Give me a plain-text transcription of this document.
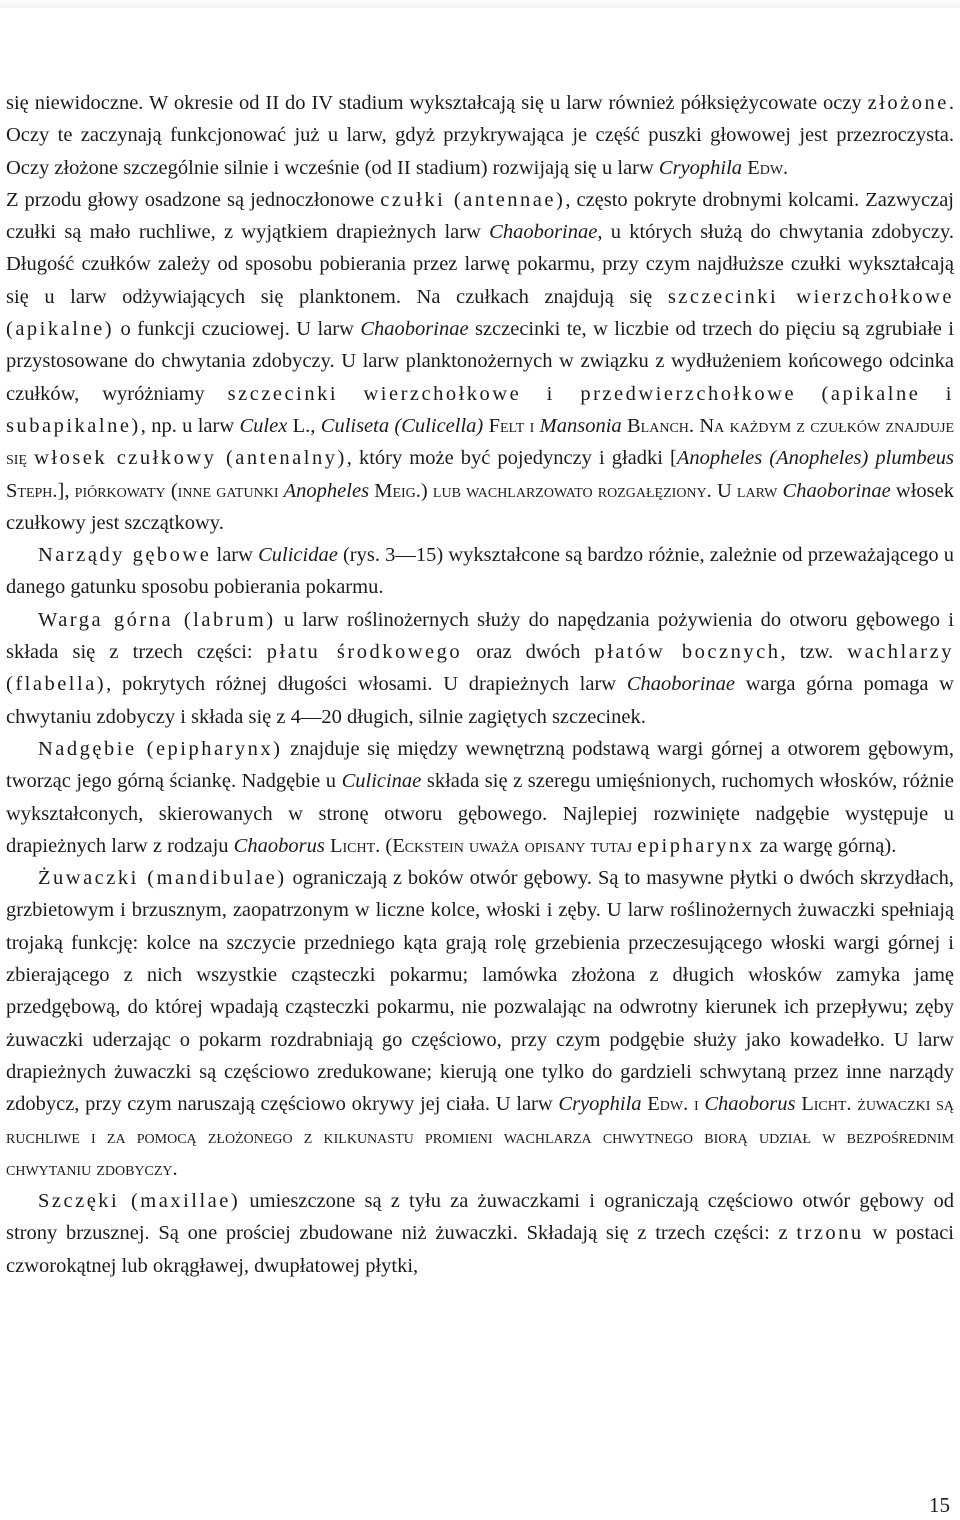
się niewidoczne. W okresie od II do IV stadium wykształcają się u larw również półksiężycowate oczy złożone. Oczy te zaczynają funkcjonować już u larw, gdyż przykrywająca je część puszki głowowej jest przezroczysta. Oczy złożone szczególnie silnie i wcześnie (od II stadium) rozwijają się u larw Cryophila Edw.
Z przodu głowy osadzone są jednoczłonowe czułki (antennae), często pokryte drobnymi kolcami. Zazwyczaj czułki są mało ruchliwe, z wyjątkiem drapieżnych larw Chaoborinae, u których służą do chwytania zdobyczy. Długość czułków zależy od sposobu pobierania przez larwę pokarmu, przy czym najdłuższe czułki wykształcają się u larw odżywiających się planktonem. Na czułkach znajdują się szczecinki wierzchołkowe (apikalne) o funkcji czuciowej. U larw Chaoborinae szczecinki te, w liczbie od trzech do pięciu są zgrubiałe i przystosowane do chwytania zdobyczy. U larw planktonożernych w związku z wydłużeniem końcowego odcinka czułków, wyróżniamy szczecinki wierzchołkowe i przedwierzchołkowe (apikalne i subapikalne), np. u larw Culex L., Culiseta (Culicella) Felt i Mansonia Blanch. Na każdym z czułków znajduje się włosek czułkowy (antenalny), który może być pojedynczy i gładki [Anopheles (Anopheles) plumbeus Steph.], piórkowaty (inne gatunki Anopheles Meig.) lub wachlarzowato rozgałęziony. U larw Chaoborinae włosek czułkowy jest szczątkowy.

Narządy gębowe larw Culicidae (rys. 3—15) wykształcone są bardzo różnie, zależnie od przeważającego u danego gatunku sposobu pobierania pokarmu.

Warga górna (labrum) u larw roślinożernych służy do napędzania pożywienia do otworu gębowego i składa się z trzech części: płatu środkowego oraz dwóch płatów bocznych, tzw. wachlarzy (flabella), pokrytych różnej długości włosami. U drapieżnych larw Chaoborinae warga górna pomaga w chwytaniu zdobyczy i składa się z 4—20 długich, silnie zagiętych szczecinek.

Nadgębie (epipharynx) znajduje się między wewnętrzną podstawą wargi górnej a otworem gębowym, tworząc jego górną ściankę. Nadgębie u Culicinae składa się z szeregu umięśnionych, ruchomych włosków, różnie wykształconych, skierowanych w stronę otworu gębowego. Najlepiej rozwinięte nadgębie występuje u drapieżnych larw z rodzaju Chaoborus Licht. (Eckstein uważa opisany tutaj epipharynx za wargę górną).

Żuwaczki (mandibulae) ograniczają z boków otwór gębowy. Są to masywne płytki o dwóch skrzydłach, grzbietowym i brzusznym, zaopatrzonym w liczne kolce, włoski i zęby. U larw roślinożernych żuwaczki spełniają trojaką funkcję: kolce na szczycie przedniego kąta grają rolę grzebienia przeczesującego włoski wargi górnej i zbierającego z nich wszystkie cząsteczki pokarmu; lamówka złożona z długich włosków zamyka jamę przedgębową, do której wpadają cząsteczki pokarmu, nie pozwalając na odwrotny kierunek ich przepływu; zęby żuwaczki uderzając o pokarm rozdrabniają go częściowo, przy czym podgębie służy jako kowadełko. U larw drapieżnych żuwaczki są częściowo zredukowane; kierują one tylko do gardzieli schwytaną przez inne narządy zdobycz, przy czym naruszają częściowo okrywy jej ciała. U larw Cryophila Edw. i Chaoborus Licht. żuwaczki są ruchliwe i za pomocą złożonego z kilkunastu promieni wachlarza chwytnego biorą udział w bezpośrednim chwytaniu zdobyczy.

Szczęki (maxillae) umieszczone są z tyłu za żuwaczkami i ograniczają częściowo otwór gębowy od strony brzusznej. Są one prościej zbudowane niż żuwaczki. Składają się z trzech części: z trzonu w postaci czworokątnej lub okrągławej, dwupłatowej płytki,

15
